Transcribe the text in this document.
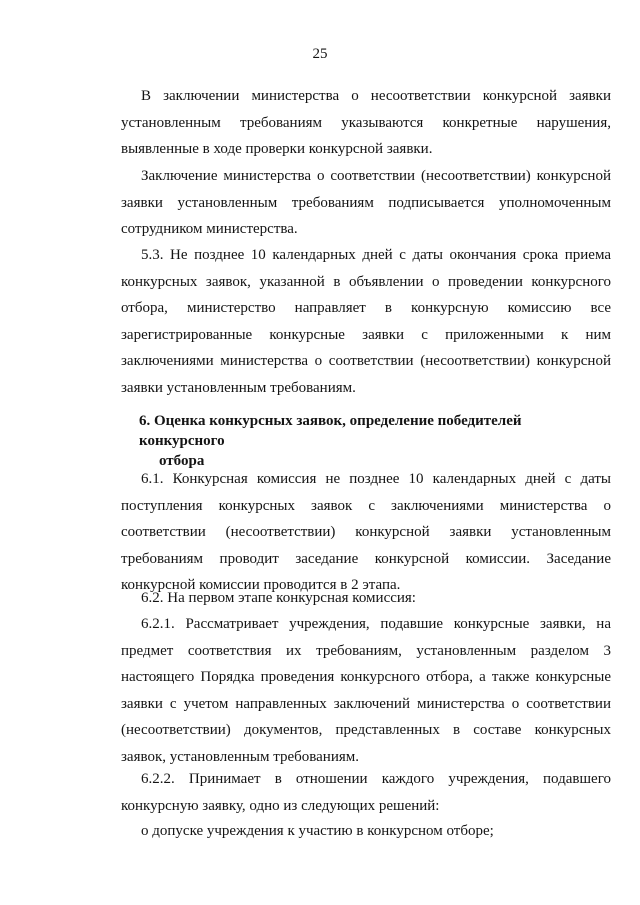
25
В заключении министерства о несоответствии конкурсной заявки установленным требованиям указываются конкретные нарушения, выявленные в ходе проверки конкурсной заявки.
Заключение министерства о соответствии (несоответствии) конкурсной заявки установленным требованиям подписывается уполномоченным сотрудником министерства.
5.3. Не позднее 10 календарных дней с даты окончания срока приема конкурсных заявок, указанной в объявлении о проведении конкурсного отбора, министерство направляет в конкурсную комиссию все зарегистрированные конкурсные заявки с приложенными к ним заключениями министерства о соответствии (несоответствии) конкурсной заявки установленным требованиям.
6. Оценка конкурсных заявок, определение победителей конкурсного
отбора
6.1. Конкурсная комиссия не позднее 10 календарных дней с даты поступления конкурсных заявок с заключениями министерства о соответствии (несоответствии) конкурсной заявки установленным требованиям проводит заседание конкурсной комиссии. Заседание конкурсной комиссии проводится в 2 этапа.
6.2. На первом этапе конкурсная комиссия:
6.2.1. Рассматривает учреждения, подавшие конкурсные заявки, на предмет соответствия их требованиям, установленным разделом 3 настоящего Порядка проведения конкурсного отбора, а также конкурсные заявки с учетом направленных заключений министерства о соответствии (несоответствии) документов, представленных в составе конкурсных заявок, установленным требованиям.
6.2.2. Принимает в отношении каждого учреждения, подавшего конкурсную заявку, одно из следующих решений:
о допуске учреждения к участию в конкурсном отборе;
